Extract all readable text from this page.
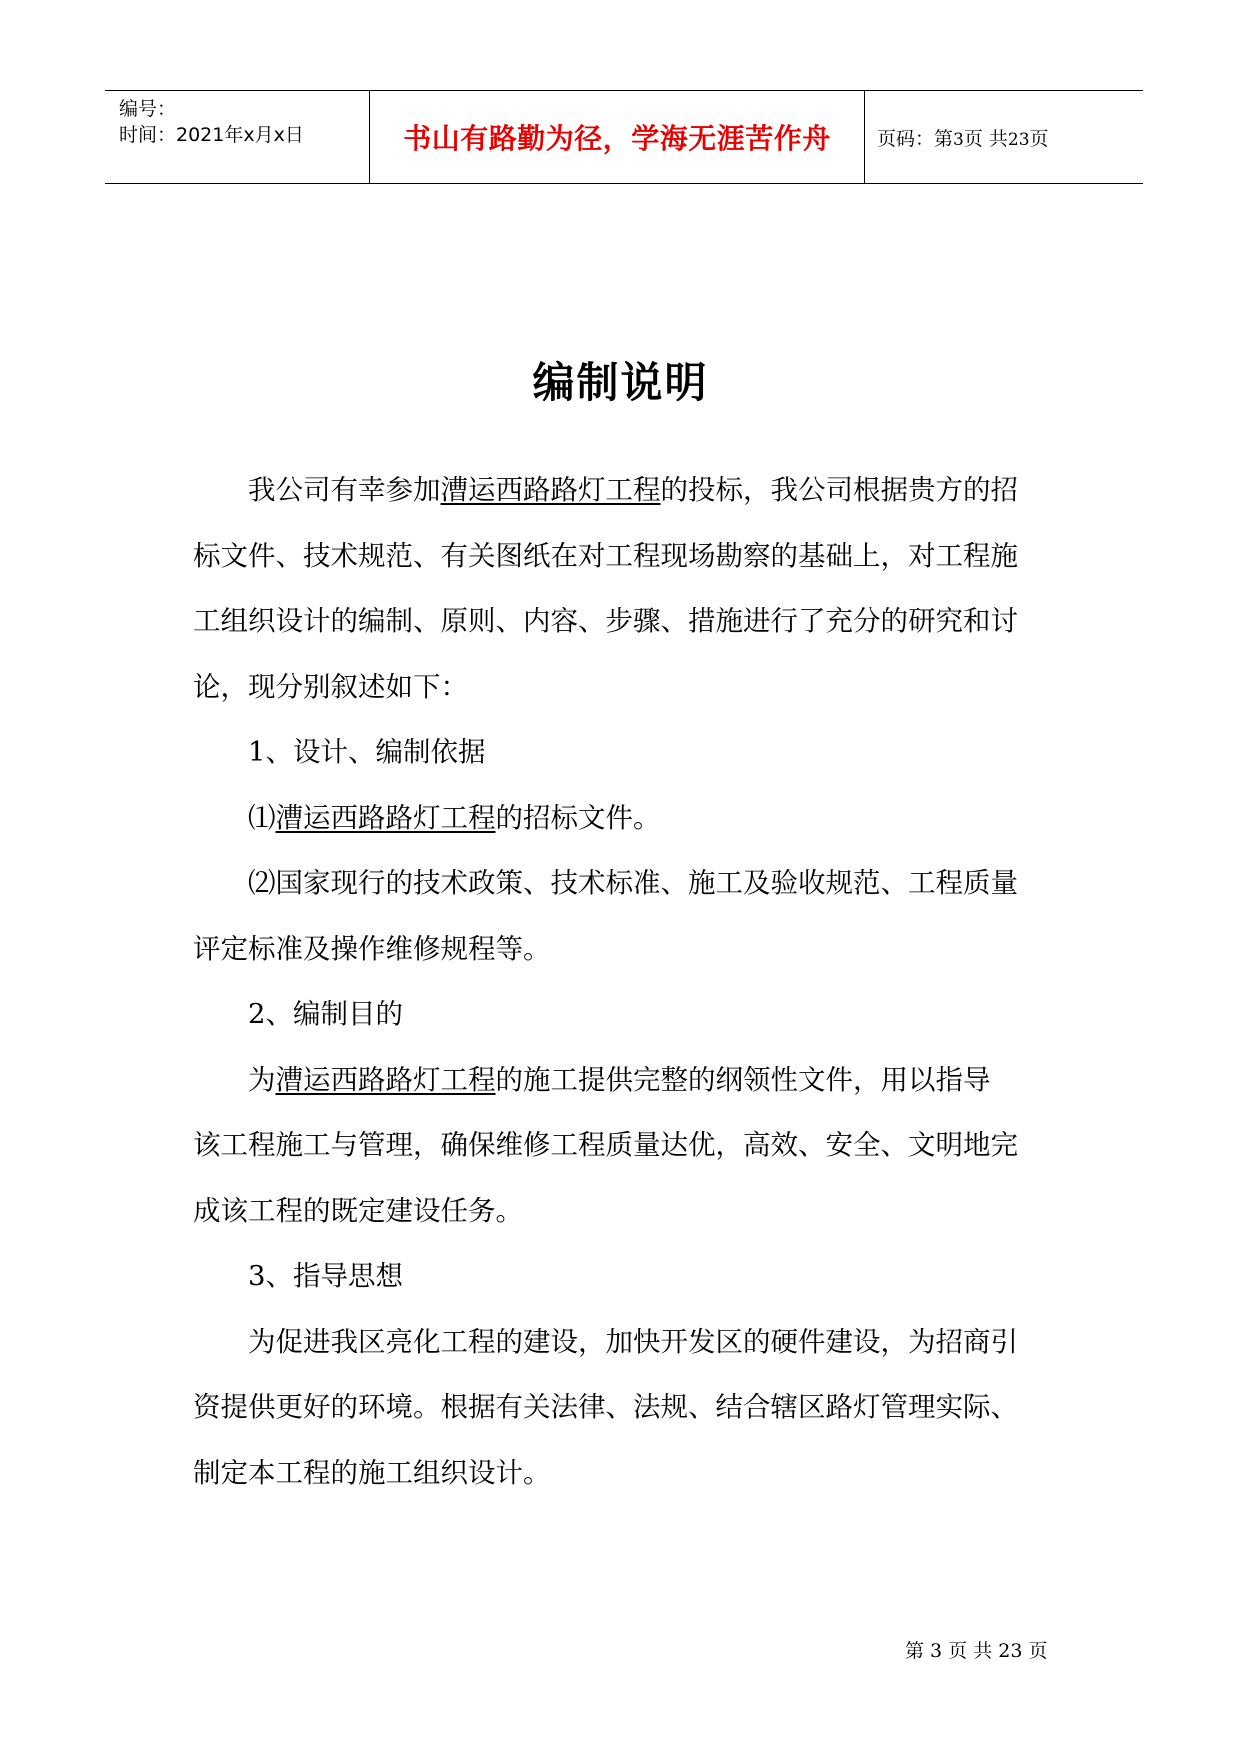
编号：
时间：2021年x月x日	书山有路勤为径，学海无涯苦作舟 页码：第3页 共23页
编制说明
我公司有幸参加漕运西路路灯工程的投标，我公司根据贵方的招
标文件、技术规范、有关图纸在对工程现场勘察的基础上，对工程施
工组织设计的编制、原则、内容、步骤、措施进行了充分的研究和讨
论，现分别叙述如下：
1、设计、编制依据
⑴漕运西路路灯工程的招标文件。
⑵国家现行的技术政策、技术标准、施工及验收规范、工程质量
评定标准及操作维修规程等。
2、编制目的
为漕运西路路灯工程的施工提供完整的纲领性文件，用以指导
该工程施工与管理，确保维修工程质量达优，高效、安全、文明地完
成该工程的既定建设任务。
3、指导思想
为促进我区亮化工程的建设，加快开发区的硬件建设，为招商引
资提供更好的环境。根据有关法律、法规、结合辖区路灯管理实际、
制定本工程的施工组织设计。
第 3 页 共 23 页
